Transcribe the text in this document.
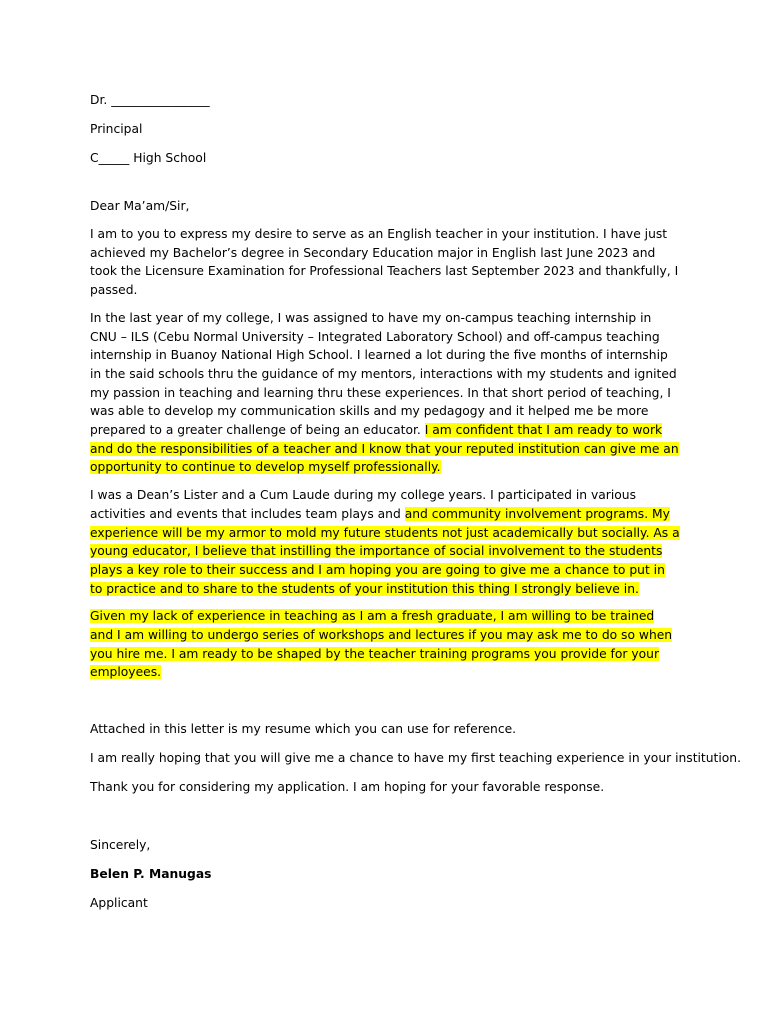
Dr. ________________

Principal

C_____ High School

Dear Ma’am/Sir,

I am to you to express my desire to serve as an English teacher in your institution. I have just achieved my Bachelor’s degree in Secondary Education major in English last June 2023 and took the Licensure Examination for Professional Teachers last September 2023 and thankfully, I passed.

In the last year of my college, I was assigned to have my on-campus teaching internship in CNU – ILS (Cebu Normal University – Integrated Laboratory School) and off-campus teaching internship in Buanoy National High School. I learned a lot during the five months of internship in the said schools thru the guidance of my mentors, interactions with my students and ignited my passion in teaching and learning thru these experiences. In that short period of teaching, I was able to develop my communication skills and my pedagogy and it helped me be more prepared to a greater challenge of being an educator. I am confident that I am ready to work and do the responsibilities of a teacher and I know that your reputed institution can give me an opportunity to continue to develop myself professionally.

I was a Dean’s Lister and a Cum Laude during my college years. I participated in various activities and events that includes team plays and and community involvement programs. My experience will be my armor to mold my future students not just academically but socially. As a young educator, I believe that instilling the importance of social involvement to the students plays a key role to their success and I am hoping you are going to give me a chance to put in to practice and to share to the students of your institution this thing I strongly believe in.

Given my lack of experience in teaching as I am a fresh graduate, I am willing to be trained and I am willing to undergo series of workshops and lectures if you may ask me to do so when you hire me. I am ready to be shaped by the teacher training programs you provide for your employees.

Attached in this letter is my resume which you can use for reference.

I am really hoping that you will give me a chance to have my first teaching experience in your institution.

Thank you for considering my application. I am hoping for your favorable response.

Sincerely,

Belen P. Manugas

Applicant
